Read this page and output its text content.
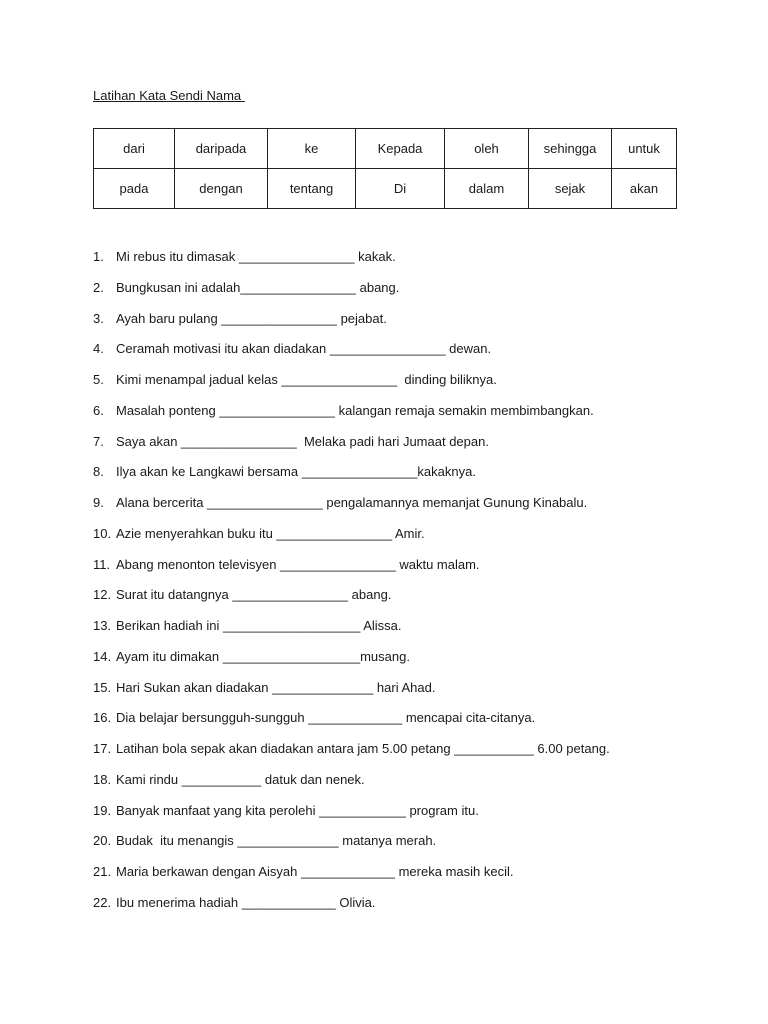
Latihan Kata Sendi Nama
dari	daripada	ke	Kepada	oleh	sehingga	untuk
pada	dengan	tentang	Di	dalam	sejak	akan
1. Mi rebus itu dimasak ________________ kakak.
2. Bungkusan ini adalah________________ abang.
3. Ayah baru pulang ________________ pejabat.
4. Ceramah motivasi itu akan diadakan ________________ dewan.
5. Kimi menampal jadual kelas ________________  dinding biliknya.
6. Masalah ponteng ________________ kalangan remaja semakin membimbangkan.
7. Saya akan ________________  Melaka padi hari Jumaat depan.
8. Ilya akan ke Langkawi bersama ________________kakaknya.
9. Alana bercerita ________________ pengalamannya memanjat Gunung Kinabalu.
10. Azie menyerahkan buku itu ________________ Amir.
11. Abang menonton televisyen ________________ waktu malam.
12. Surat itu datangnya ________________ abang.
13. Berikan hadiah ini ___________________ Alissa.
14. Ayam itu dimakan ___________________musang.
15. Hari Sukan akan diadakan ______________ hari Ahad.
16. Dia belajar bersungguh-sungguh _____________ mencapai cita-citanya.
17. Latihan bola sepak akan diadakan antara jam 5.00 petang ___________ 6.00 petang.
18. Kami rindu ___________ datuk dan nenek.
19. Banyak manfaat yang kita perolehi ____________ program itu.
20. Budak  itu menangis ______________ matanya merah.
21. Maria berkawan dengan Aisyah _____________ mereka masih kecil.
22. Ibu menerima hadiah _____________ Olivia.
